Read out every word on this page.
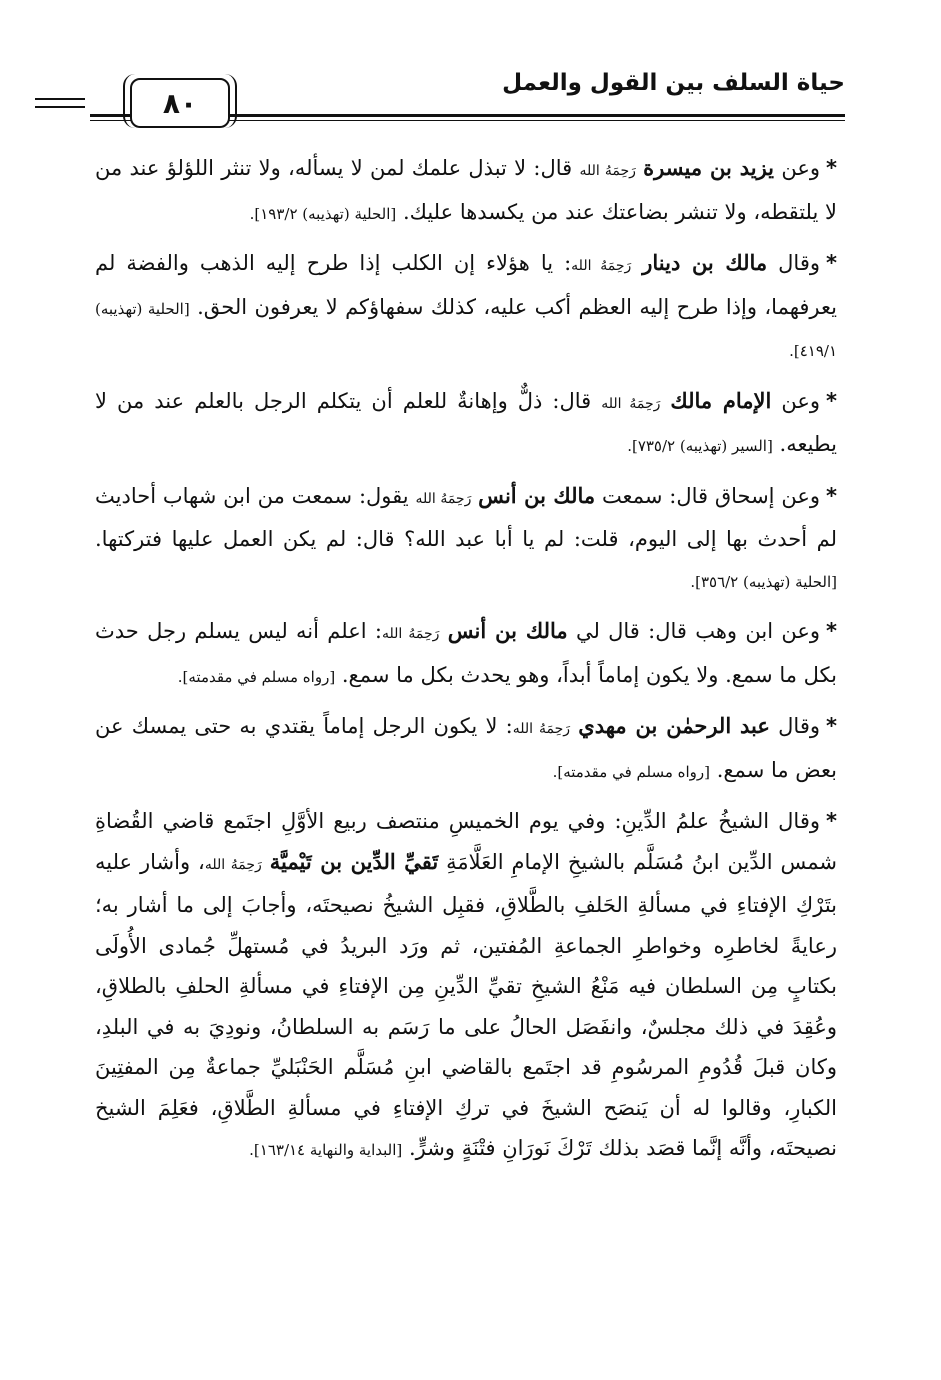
٨٠
حياة السلف بين القول والعمل

*وعن يزيد بن ميسرة رَحِمَهُ الله قال: لا تبذل علمك لمن لا يسأله، ولا تنثر اللؤلؤ عند من لا يلتقطه، ولا تنشر بضاعتك عند من يكسدها عليك. [الحلية (تهذيبه) ١٩٣/٢].

*وقال مالك بن دينار رَحِمَهُ الله: يا هؤلاء إن الكلب إذا طرح إليه الذهب والفضة لم يعرفهما، وإذا طرح إليه العظم أكب عليه، كذلك سفهاؤكم لا يعرفون الحق. [الحلية (تهذيبه) ٤١٩/١].

*وعن الإمام مالك رَحِمَهُ الله قال: ذلٌّ وإهانةٌ للعلم أن يتكلم الرجل بالعلم عند من لا يطيعه. [السير (تهذيبه) ٧٣٥/٢].

*وعن إسحاق قال: سمعت مالك بن أنس رَحِمَهُ الله يقول: سمعت من ابن شهاب أحاديث لم أحدث بها إلى اليوم، قلت: لم يا أبا عبد الله؟ قال: لم يكن العمل عليها فتركتها. [الحلية (تهذيبه) ٣٥٦/٢].

*وعن ابن وهب قال: قال لي مالك بن أنس رَحِمَهُ الله: اعلم أنه ليس يسلم رجل حدث بكل ما سمع. ولا يكون إماماً أبداً، وهو يحدث بكل ما سمع. [رواه مسلم في مقدمته].

*وقال عبد الرحمٰن بن مهدي رَحِمَهُ الله: لا يكون الرجل إماماً يقتدي به حتى يمسك عن بعض ما سمع. [رواه مسلم في مقدمته].

*وقال الشيخُ علمُ الدِّينِ: وفي يوم الخميسِ منتصف ربيع الأوَّلِ اجتَمع قاضي القُضاةِ شمس الدِّين ابنُ مُسَلَّم بالشيخِ الإمامِ العَلَّامَةِ تَقيِّ الدِّين بن تَيْميَّة رَحِمَهُ الله، وأشار عليه بتَرْكِ الإفتاءِ في مسألةِ الحَلفِ بالطَّلاقِ، فقبِل الشيخُ نصيحتَه، وأجابَ إلى ما أشار به؛ رعايةً لخاطرِه وخواطرِ الجماعةِ المُفتين، ثم ورَد البريدُ في مُستهلِّ جُمادى الأُولَى بكتابٍ مِن السلطان فيه مَنْعُ الشيخِ تقيِّ الدِّينِ مِن الإفتاءِ في مسألةِ الحلفِ بالطلاقِ، وعُقِدَ في ذلك مجلسٌ، وانفَصَل الحالُ على ما رَسَم به السلطانُ، ونودِيَ به في البلدِ، وكان قبلَ قُدُومِ المرسُومِ قد اجتَمع بالقاضي ابنِ مُسَلَّم الحَنْبَليِّ جماعةٌ مِن المفتِينَ الكبارِ، وقالوا له أن يَنصَح الشيخَ في تركِ الإفتاءِ في مسألةِ الطَّلاقِ، فعَلِمَ الشيخ نصيحتَه، وأنَّه إنَّما قصَد بذلك تَرْكَ نَورَانِ فتْنَةٍ وشرٍّ. [البداية والنهاية ١٦٣/١٤].
